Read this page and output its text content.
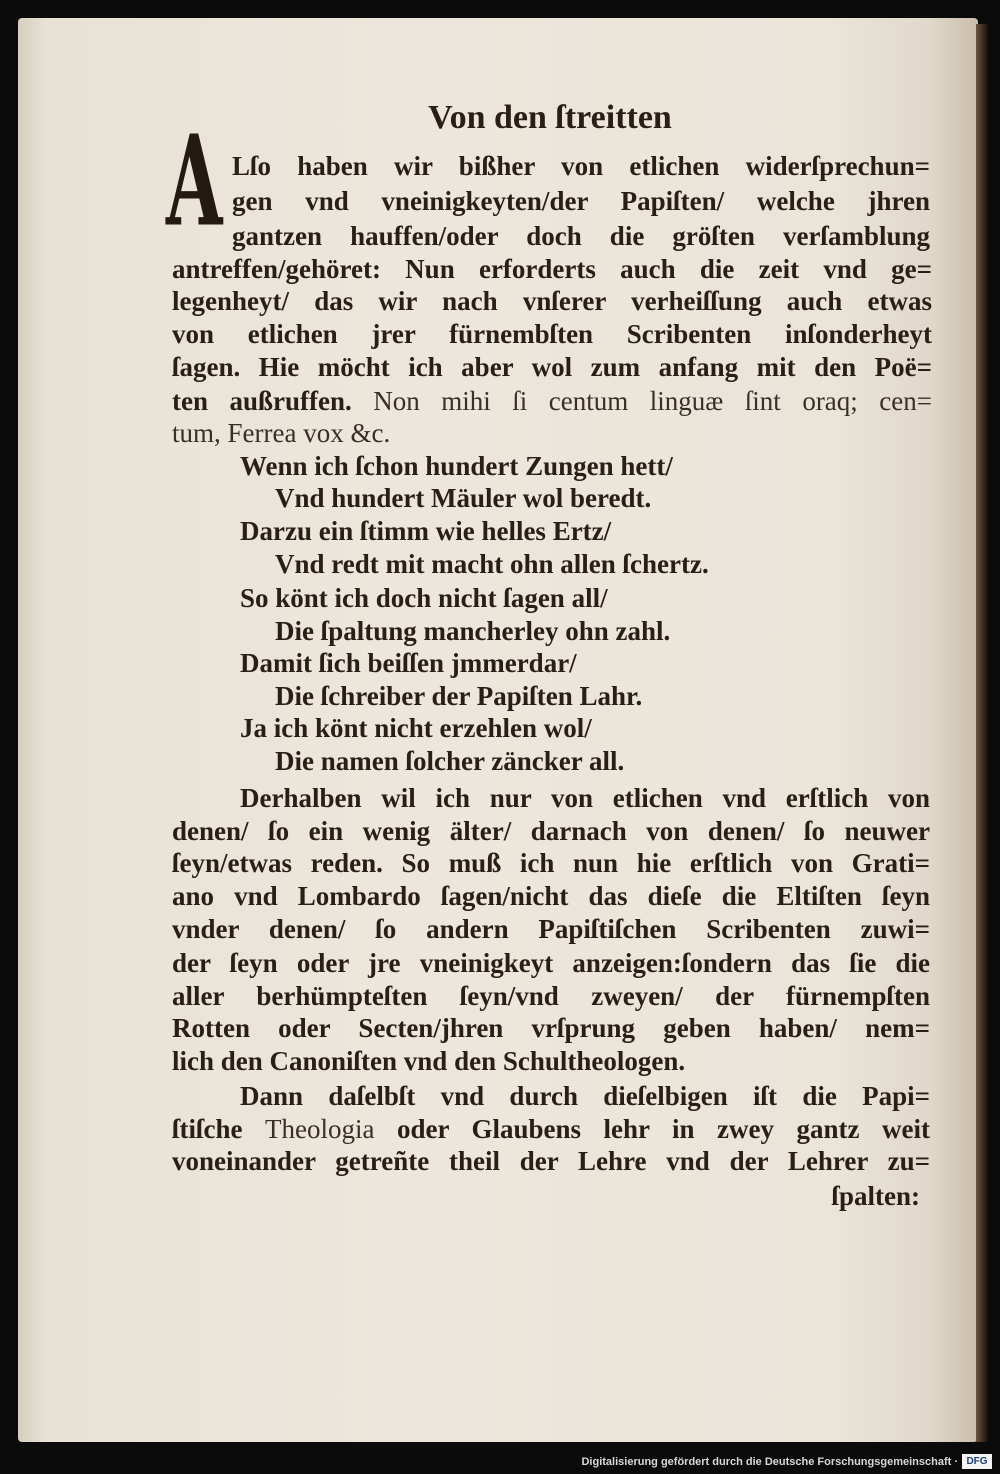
Von den ſtreitten
A Lſo haben wir bißher von etlichen widerſprechun=
gen vnd vneinigkeyten/der Papiſten/ welche jhren
gantzen hauffen/oder doch die gröſten verſamblung
antreffen/gehöret: Nun erforderts auch die zeit vnd ge=
legenheyt/ das wir nach vnſerer verheiſſung auch etwas
von etlichen jrer fürnembſten Scribenten inſonderheyt
ſagen. Hie möcht ich aber wol zum anfang mit den Poë=
ten außruffen. Non mihi ſi centum linguæ ſint oraq; cen=
tum, Ferrea vox &c.
Wenn ich ſchon hundert Zungen hett/
Vnd hundert Mäuler wol beredt.
Darzu ein ſtimm wie helles Ertz/
Vnd redt mit macht ohn allen ſchertz.
So könt ich doch nicht ſagen all/
Die ſpaltung mancherley ohn zahl.
Damit ſich beiſſen jmmerdar/
Die ſchreiber der Papiſten Lahr.
Ja ich könt nicht erzehlen wol/
Die namen ſolcher zäncker all.
Derhalben wil ich nur von etlichen vnd erſtlich von
denen/ ſo ein wenig älter/ darnach von denen/ ſo neuwer
ſeyn/etwas reden. So muß ich nun hie erſtlich von Grati=
ano vnd Lombardo ſagen/nicht das dieſe die Eltiſten ſeyn
vnder denen/ ſo andern Papiſtiſchen Scribenten zuwi=
der ſeyn oder jre vneinigkeyt anzeigen:ſondern das ſie die
aller berhümpteſten ſeyn/vnd zweyen/ der fürnempſten
Rotten oder Secten/jhren vrſprung geben haben/ nem=
lich den Canoniſten vnd den Schultheologen.
Dann daſelbſt vnd durch dieſelbigen iſt die Papi=
ſtiſche Theologia oder Glaubens lehr in zwey gantz weit
voneinander getreñte theil der Lehre vnd der Lehrer zu=
ſpalten:
Digitalisierung gefördert durch die Deutsche Forschungsgemeinschaft · DFG
